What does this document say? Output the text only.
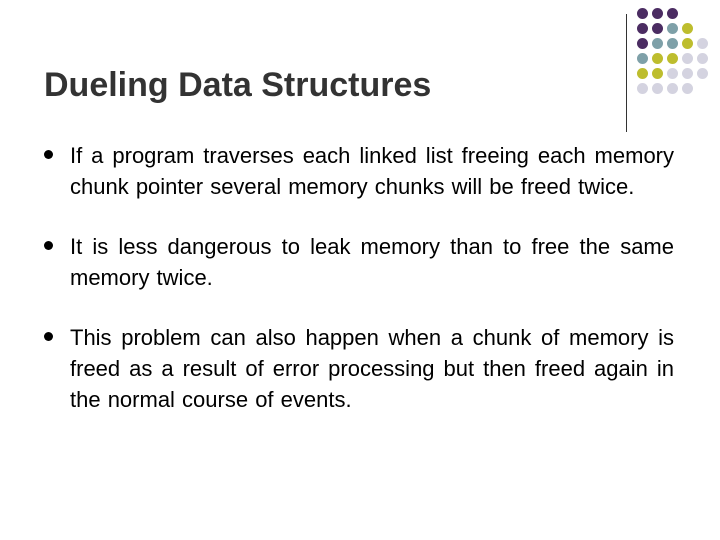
Dueling Data Structures
If a program traverses each linked list freeing each memory chunk pointer several memory chunks will be freed twice.
It is less dangerous to leak memory than to free the same memory twice.
This problem can also happen when a chunk of memory is freed as a result of error processing but then freed again in the normal course of events.
